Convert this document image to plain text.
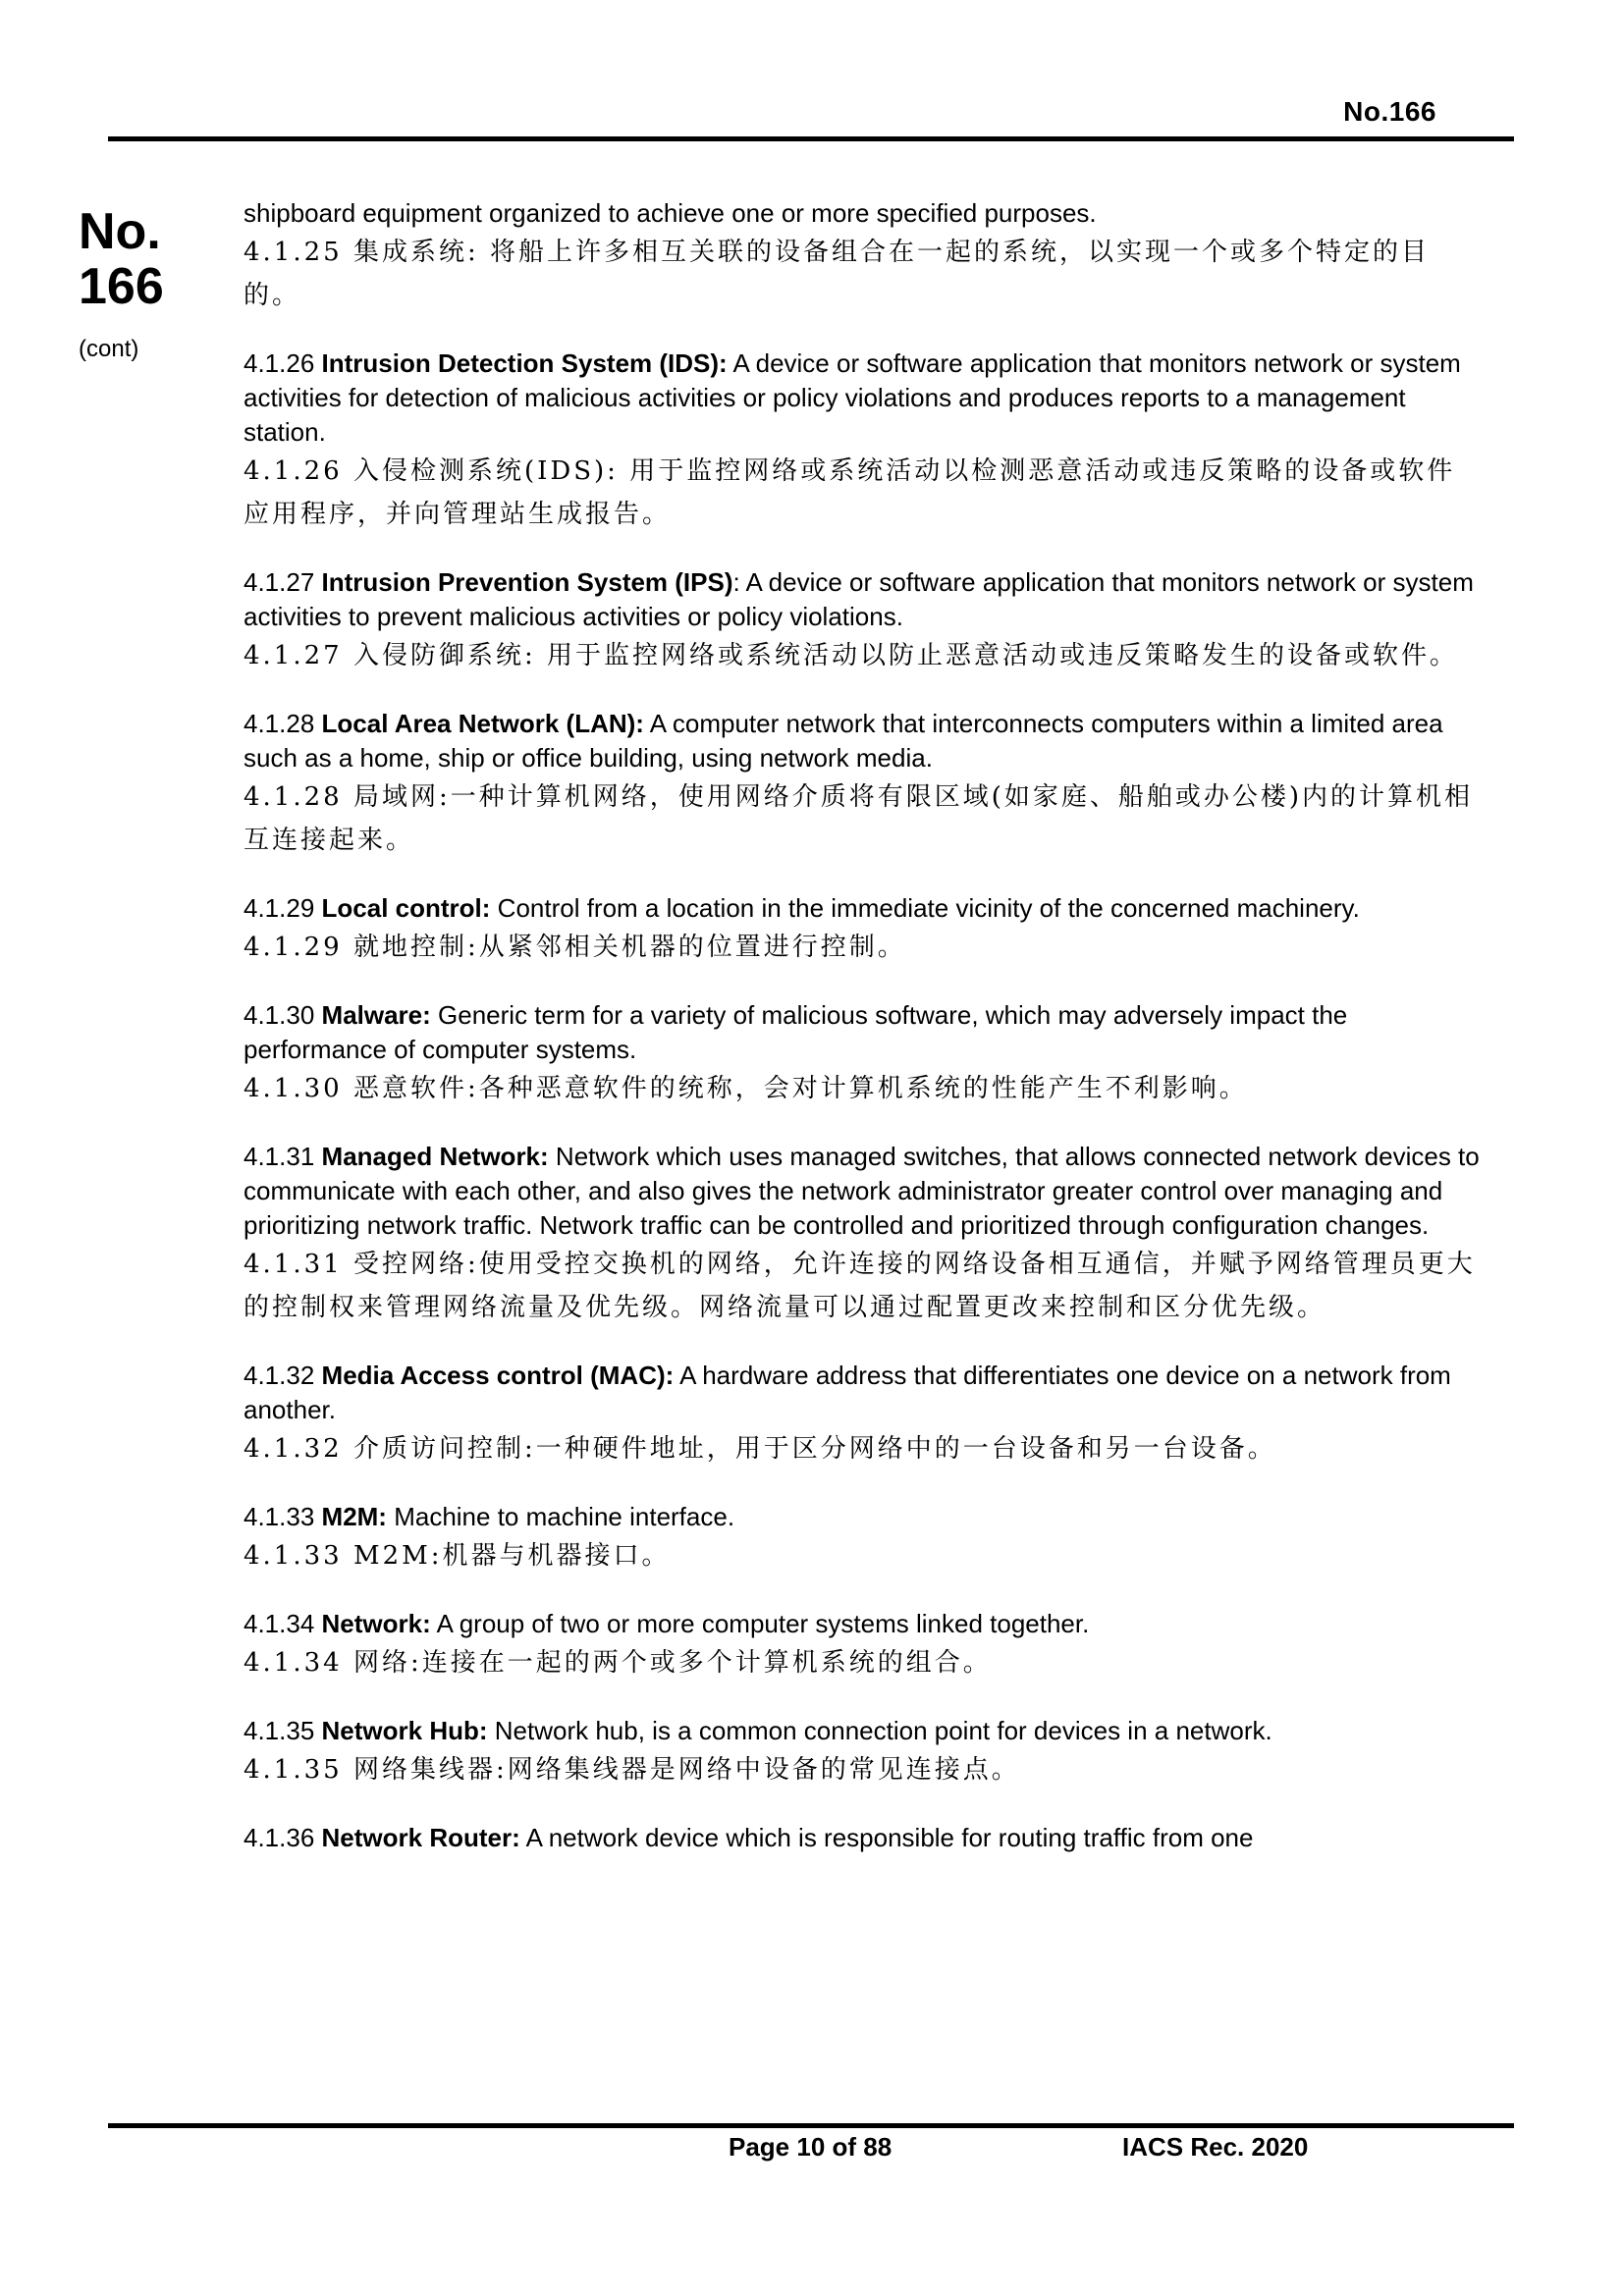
No.166
No.
166
(cont)

shipboard equipment organized to achieve one or more specified purposes.

4.1.25 集成系统: 将船上许多相互关联的设备组合在一起的系统，以实现一个或多个特定的目的。

4.1.26 Intrusion Detection System (IDS): A device or software application that monitors network or system activities for detection of malicious activities or policy violations and produces reports to a management station.

4.1.26 入侵检测系统(IDS): 用于监控网络或系统活动以检测恶意活动或违反策略的设备或软件应用程序，并向管理站生成报告。

4.1.27 Intrusion Prevention System (IPS): A device or software application that monitors network or system activities to prevent malicious activities or policy violations.

4.1.27 入侵防御系统: 用于监控网络或系统活动以防止恶意活动或违反策略发生的设备或软件。

4.1.28 Local Area Network (LAN): A computer network that interconnects computers within a limited area such as a home, ship or office building, using network media.

4.1.28 局域网:一种计算机网络，使用网络介质将有限区域(如家庭、船舶或办公楼)内的计算机相互连接起来。

4.1.29 Local control: Control from a location in the immediate vicinity of the concerned machinery.

4.1.29 就地控制:从紧邻相关机器的位置进行控制。

4.1.30 Malware: Generic term for a variety of malicious software, which may adversely impact the performance of computer systems.

4.1.30 恶意软件:各种恶意软件的统称，会对计算机系统的性能产生不利影响。

4.1.31 Managed Network: Network which uses managed switches, that allows connected network devices to communicate with each other, and also gives the network administrator greater control over managing and prioritizing network traffic. Network traffic can be controlled and prioritized through configuration changes.

4.1.31 受控网络:使用受控交换机的网络，允许连接的网络设备相互通信，并赋予网络管理员更大的控制权来管理网络流量及优先级。网络流量可以通过配置更改来控制和区分优先级。

4.1.32 Media Access control (MAC): A hardware address that differentiates one device on a network from another.

4.1.32 介质访问控制:一种硬件地址，用于区分网络中的一台设备和另一台设备。

4.1.33 M2M: Machine to machine interface.

4.1.33 M2M:机器与机器接口。

4.1.34 Network: A group of two or more computer systems linked together.

4.1.34 网络:连接在一起的两个或多个计算机系统的组合。

4.1.35 Network Hub: Network hub, is a common connection point for devices in a network.

4.1.35 网络集线器:网络集线器是网络中设备的常见连接点。

4.1.36 Network Router: A network device which is responsible for routing traffic from one

Page 10 of 88	IACS Rec. 2020
